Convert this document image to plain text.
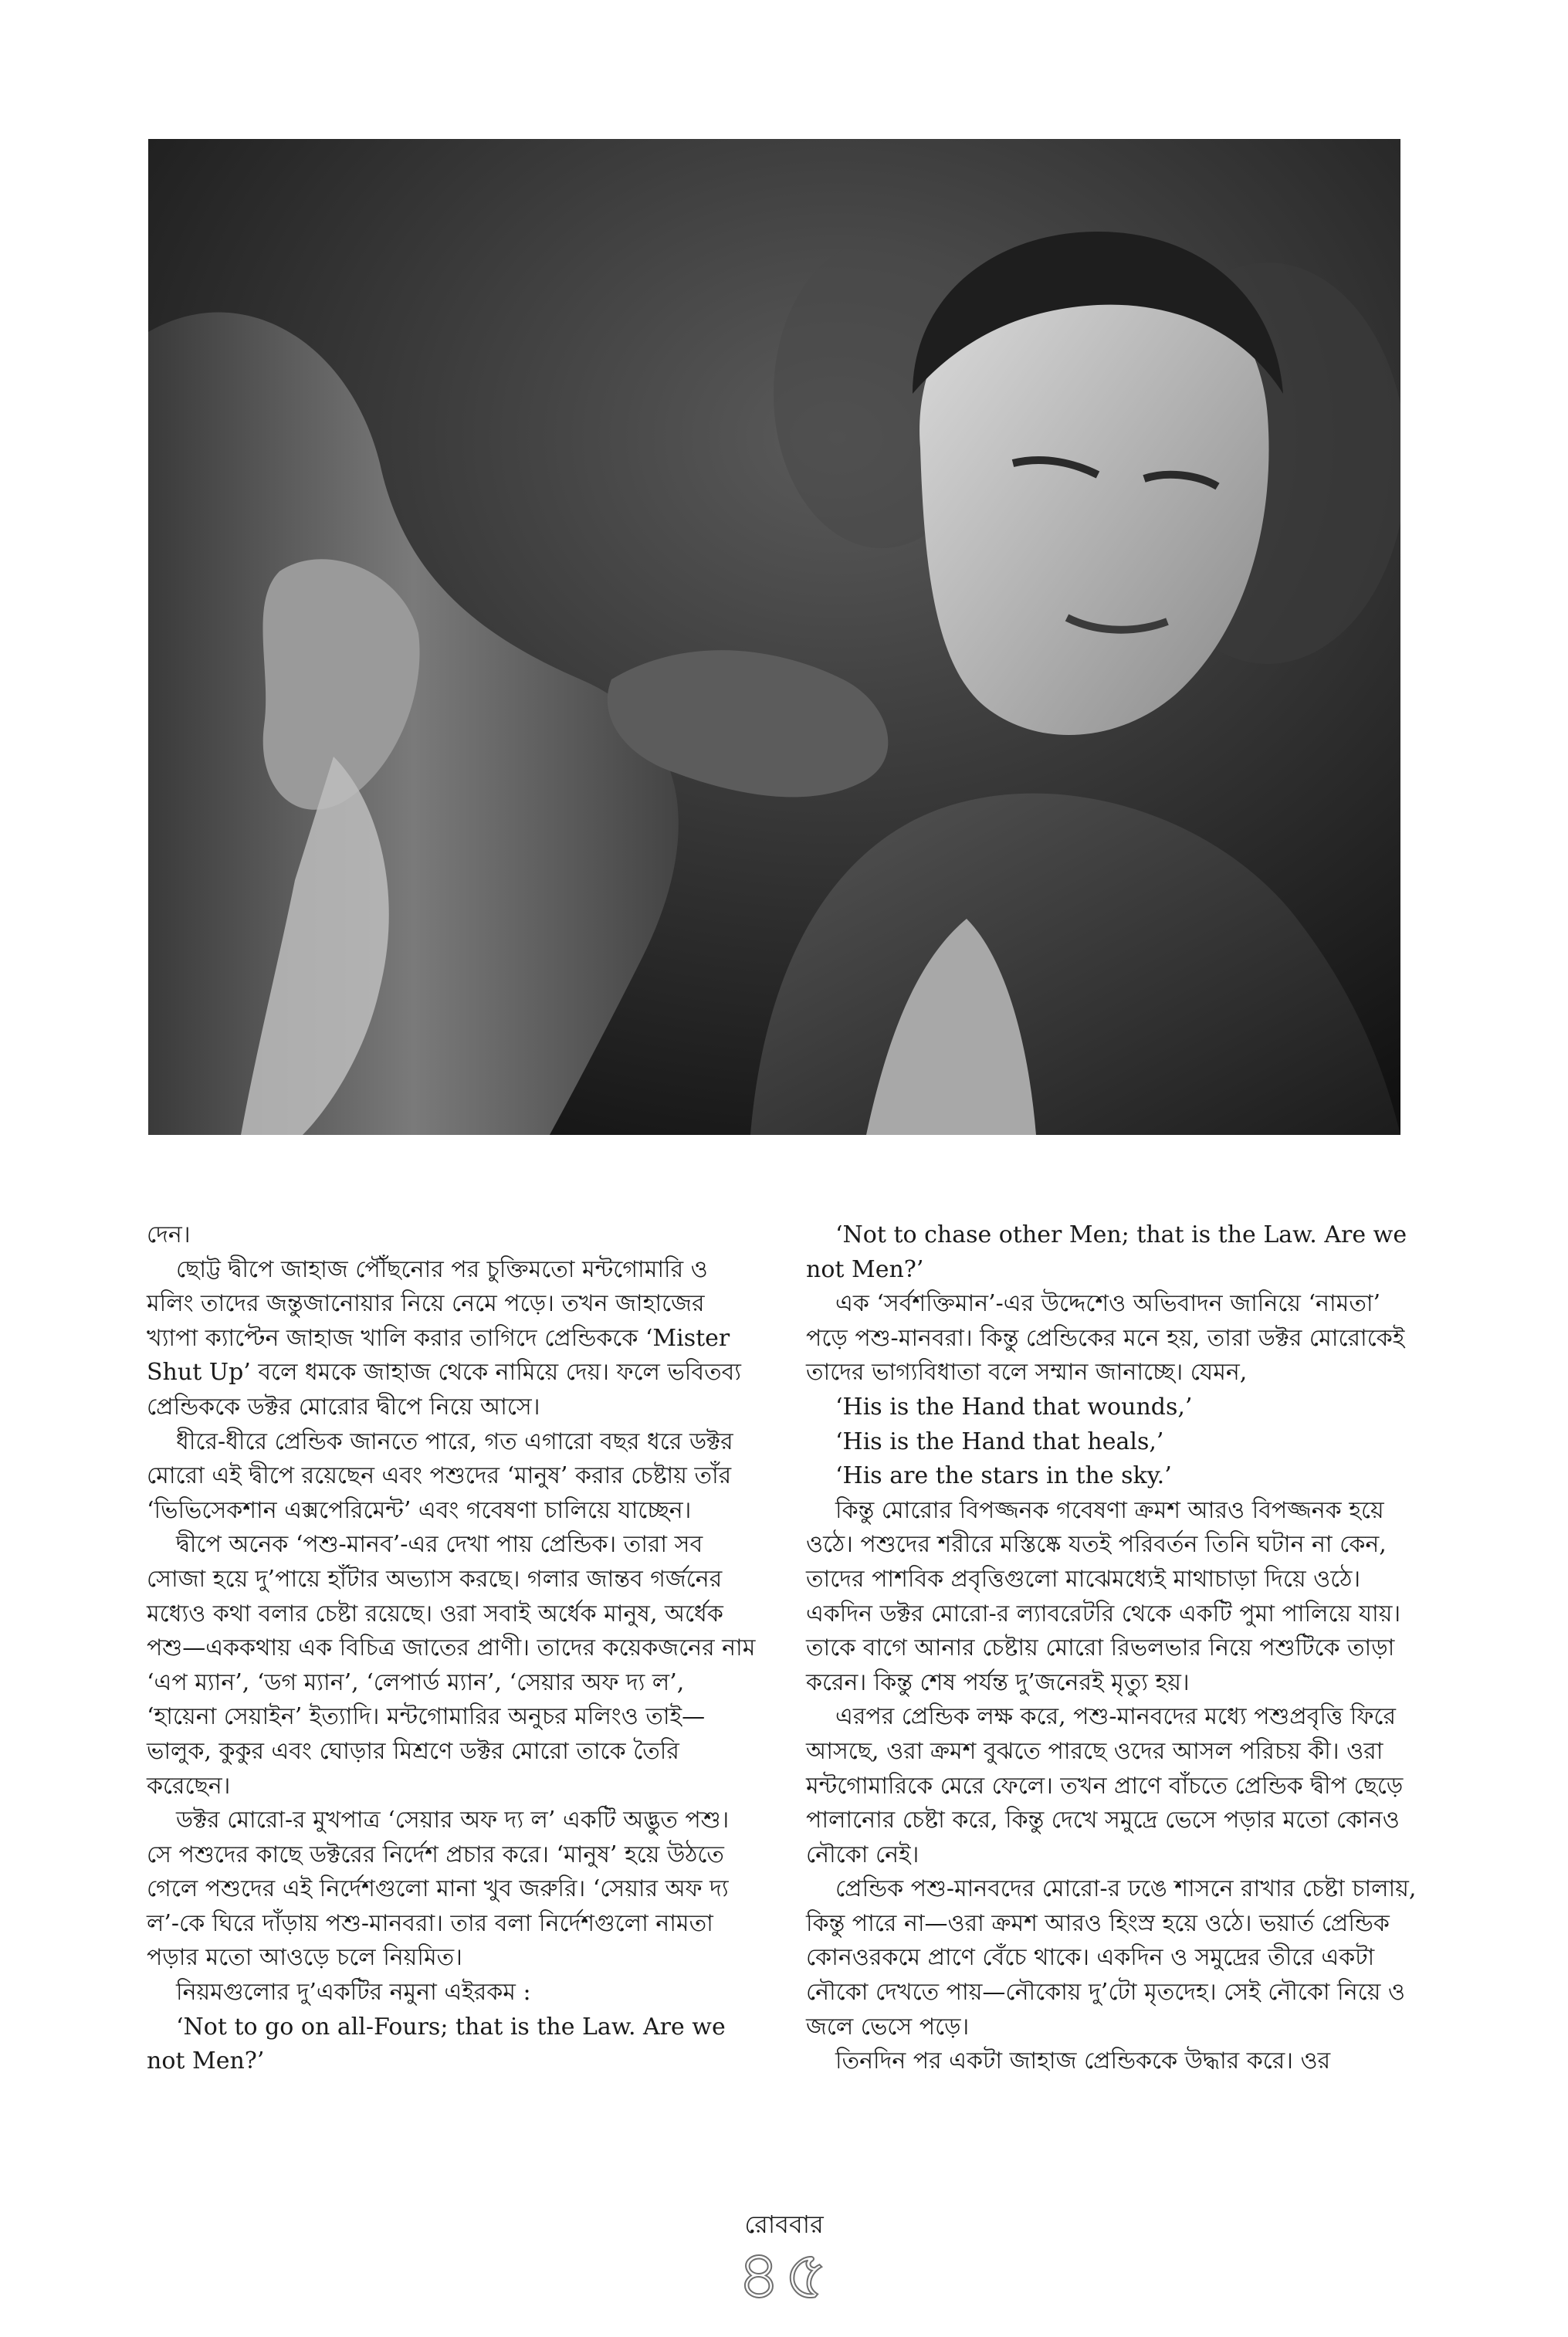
দেন।

ছোট্ট দ্বীপে জাহাজ পৌঁছনোর পর চুক্তিমতো মন্টগোমারি ও মলিং তাদের জন্তুজানোয়ার নিয়ে নেমে পড়ে। তখন জাহাজের খ্যাপা ক্যাপ্টেন জাহাজ খালি করার তাগিদে প্রেন্ডিককে ‘Mister Shut Up’ বলে ধমকে জাহাজ থেকে নামিয়ে দেয়। ফলে ভবিতব্য প্রেন্ডিককে ডক্টর মোরোর দ্বীপে নিয়ে আসে।

ধীরে-ধীরে প্রেন্ডিক জানতে পারে, গত এগারো বছর ধরে ডক্টর মোরো এই দ্বীপে রয়েছেন এবং পশুদের ‘মানুষ’ করার চেষ্টায় তাঁর ‘ভিভিসেকশান এক্সপেরিমেন্ট’ এবং গবেষণা চালিয়ে যাচ্ছেন।

দ্বীপে অনেক ‘পশু-মানব’-এর দেখা পায় প্রেন্ডিক। তারা সব সোজা হয়ে দু’পায়ে হাঁটার অভ্যাস করছে। গলার জান্তব গর্জনের মধ্যেও কথা বলার চেষ্টা রয়েছে। ওরা সবাই অর্ধেক মানুষ, অর্ধেক পশু—এককথায় এক বিচিত্র জাতের প্রাণী। তাদের কয়েকজনের নাম ‘এপ ম্যান’, ‘ডগ ম্যান’, ‘লেপার্ড ম্যান’, ‘সেয়ার অফ দ্য ল’, ‘হায়েনা সেয়াইন’ ইত্যাদি। মন্টগোমারির অনুচর মলিংও তাই—ভালুক, কুকুর এবং ঘোড়ার মিশ্রণে ডক্টর মোরো তাকে তৈরি করেছেন।

ডক্টর মোরো-র মুখপাত্র ‘সেয়ার অফ দ্য ল’ একটি অদ্ভুত পশু। সে পশুদের কাছে ডক্টরের নির্দেশ প্রচার করে। ‘মানুষ’ হয়ে উঠতে গেলে পশুদের এই নির্দেশগুলো মানা খুব জরুরি। ‘সেয়ার অফ দ্য ল’-কে ঘিরে দাঁড়ায় পশু-মানবরা। তার বলা নির্দেশগুলো নামতা পড়ার মতো আওড়ে চলে নিয়মিত।

নিয়মগুলোর দু’একটির নমুনা এইরকম :

‘Not to go on all-Fours; that is the Law. Are we not Men?’

‘Not to chase other Men; that is the Law. Are we not Men?’

এক ‘সর্বশক্তিমান’-এর উদ্দেশেও অভিবাদন জানিয়ে ‘নামতা’ পড়ে পশু-মানবরা। কিন্তু প্রেন্ডিকের মনে হয়, তারা ডক্টর মোরোকেই তাদের ভাগ্যবিধাতা বলে সম্মান জানাচ্ছে। যেমন,

‘His is the Hand that wounds,’

‘His is the Hand that heals,’

‘His are the stars in the sky.’

কিন্তু মোরোর বিপজ্জনক গবেষণা ক্রমশ আরও বিপজ্জনক হয়ে ওঠে। পশুদের শরীরে মস্তিষ্কে যতই পরিবর্তন তিনি ঘটান না কেন, তাদের পাশবিক প্রবৃত্তিগুলো মাঝেমধ্যেই মাথাচাড়া দিয়ে ওঠে। একদিন ডক্টর মোরো-র ল্যাবরেটরি থেকে একটি পুমা পালিয়ে যায়। তাকে বাগে আনার চেষ্টায় মোরো রিভলভার নিয়ে পশুটিকে তাড়া করেন। কিন্তু শেষ পর্যন্ত দু’জনেরই মৃত্যু হয়।

এরপর প্রেন্ডিক লক্ষ করে, পশু-মানবদের মধ্যে পশুপ্রবৃত্তি ফিরে আসছে, ওরা ক্রমশ বুঝতে পারছে ওদের আসল পরিচয় কী। ওরা মন্টগোমারিকে মেরে ফেলে। তখন প্রাণে বাঁচতে প্রেন্ডিক দ্বীপ ছেড়ে পালানোর চেষ্টা করে, কিন্তু দেখে সমুদ্রে ভেসে পড়ার মতো কোনও নৌকো নেই।

প্রেন্ডিক পশু-মানবদের মোরো-র ঢঙে শাসনে রাখার চেষ্টা চালায়, কিন্তু পারে না—ওরা ক্রমশ আরও হিংস্র হয়ে ওঠে। ভয়ার্ত প্রেন্ডিক কোনওরকমে প্রাণে বেঁচে থাকে। একদিন ও সমুদ্রের তীরে একটা নৌকো দেখতে পায়—নৌকোয় দু’টো মৃতদেহ। সেই নৌকো নিয়ে ও জলে ভেসে পড়ে।

তিনদিন পর একটা জাহাজ প্রেন্ডিককে উদ্ধার করে। ওর

রোববার
৪৫
